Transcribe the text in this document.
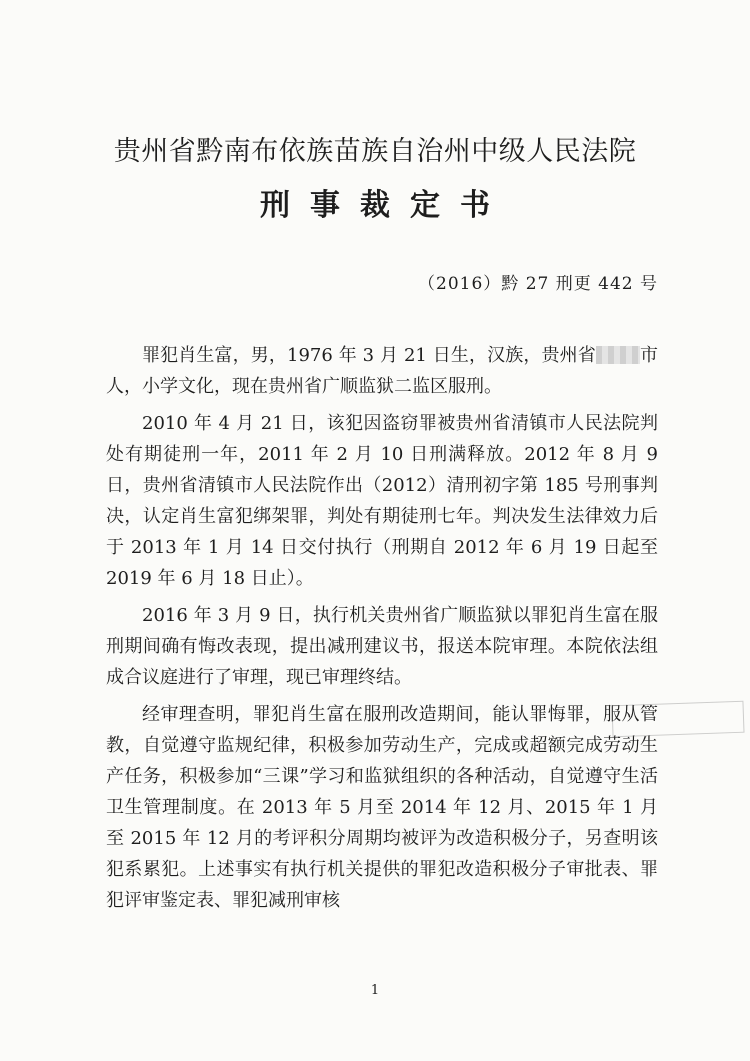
贵州省黔南布依族苗族自治州中级人民法院
刑事裁定书
（2016）黔 27 刑更 442 号

罪犯肖生富，男，1976 年 3 月 21 日生，汉族，贵州省 市人，小学文化，现在贵州省广顺监狱二监区服刑。

2010 年 4 月 21 日，该犯因盗窃罪被贵州省清镇市人民法院判处有期徒刑一年，2011 年 2 月 10 日刑满释放。2012 年 8 月 9 日，贵州省清镇市人民法院作出（2012）清刑初字第 185 号刑事判决，认定肖生富犯绑架罪，判处有期徒刑七年。判决发生法律效力后于 2013 年 1 月 14 日交付执行（刑期自 2012 年 6 月 19 日起至 2019 年 6 月 18 日止）。

2016 年 3 月 9 日，执行机关贵州省广顺监狱以罪犯肖生富在服刑期间确有悔改表现，提出减刑建议书，报送本院审理。本院依法组成合议庭进行了审理，现已审理终结。

经审理查明，罪犯肖生富在服刑改造期间，能认罪悔罪，服从管教，自觉遵守监规纪律，积极参加劳动生产，完成或超额完成劳动生产任务，积极参加“三课”学习和监狱组织的各种活动，自觉遵守生活卫生管理制度。在 2013 年 5 月至 2014 年 12 月、2015 年 1 月至 2015 年 12 月的考评积分周期均被评为改造积极分子，另查明该犯系累犯。上述事实有执行机关提供的罪犯改造积极分子审批表、罪犯评审鉴定表、罪犯减刑审核

1
